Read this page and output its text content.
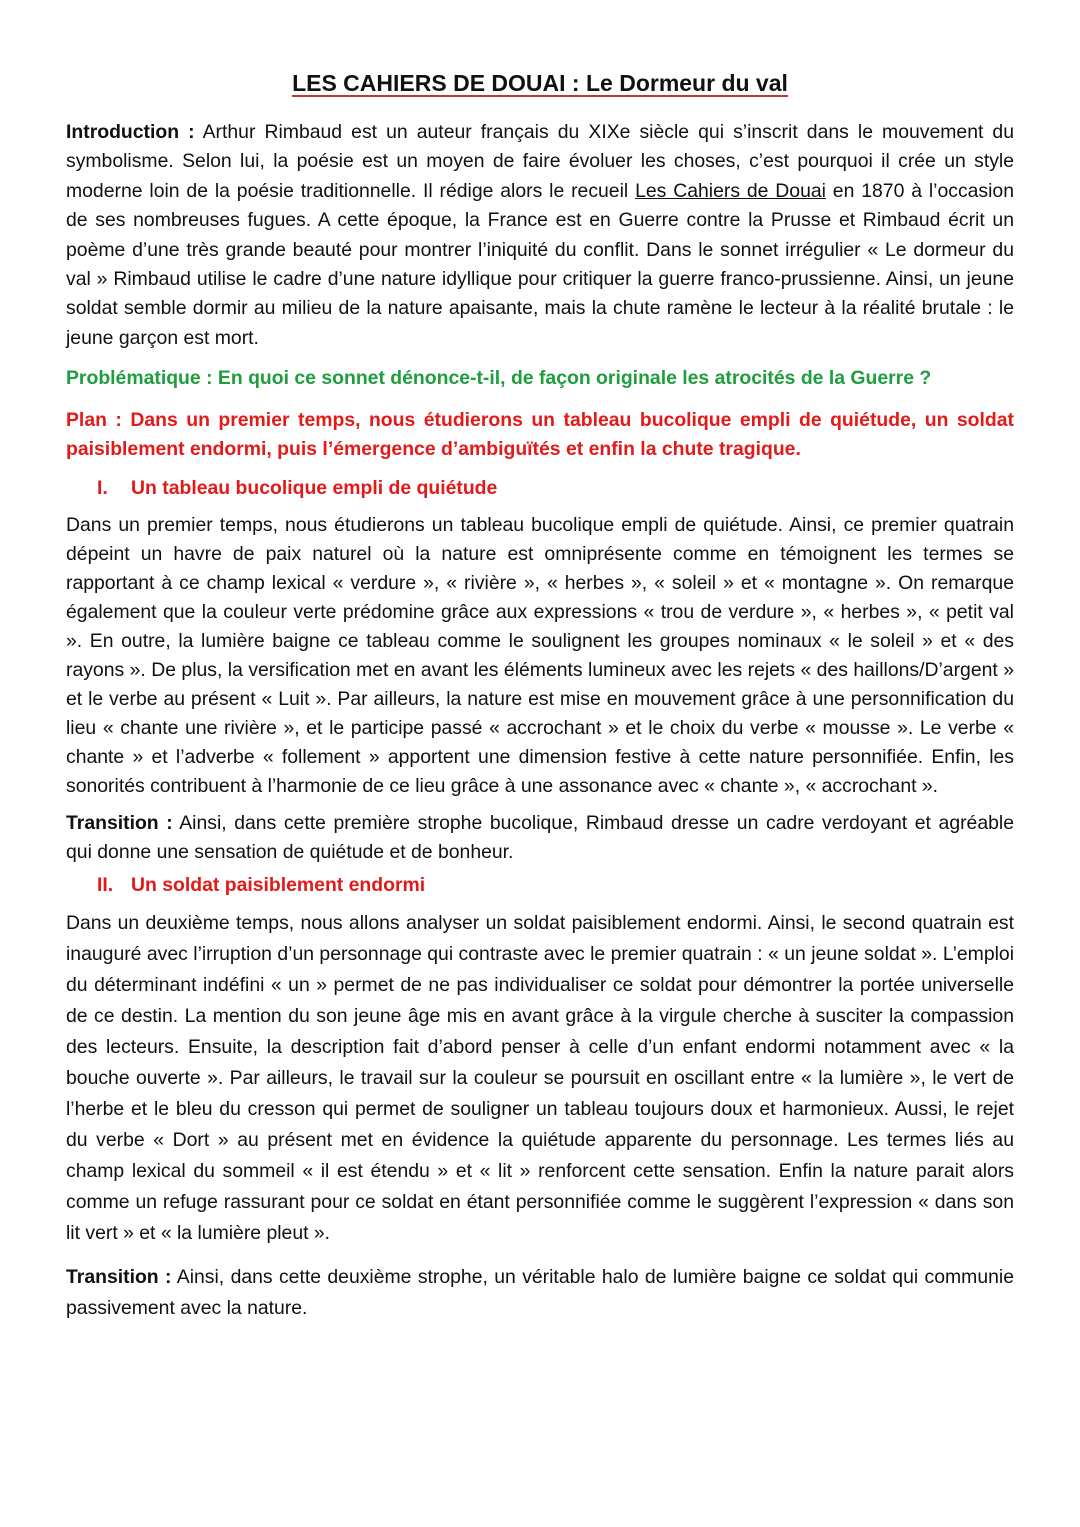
LES CAHIERS DE DOUAI : Le Dormeur du val

Introduction : Arthur Rimbaud est un auteur français du XIXe siècle qui s’inscrit dans le mouvement du symbolisme. Selon lui, la poésie est un moyen de faire évoluer les choses, c’est pourquoi il crée un style moderne loin de la poésie traditionnelle. Il rédige alors le recueil Les Cahiers de Douai en 1870 à l’occasion de ses nombreuses fugues. A cette époque, la France est en Guerre contre la Prusse et Rimbaud écrit un poème d’une très grande beauté pour montrer l’iniquité du conflit. Dans le sonnet irrégulier « Le dormeur du val » Rimbaud utilise le cadre d’une nature idyllique pour critiquer la guerre franco-prussienne. Ainsi, un jeune soldat semble dormir au milieu de la nature apaisante, mais la chute ramène le lecteur à la réalité brutale : le jeune garçon est mort.

Problématique : En quoi ce sonnet dénonce-t-il, de façon originale les atrocités de la Guerre ?

Plan : Dans un premier temps, nous étudierons un tableau bucolique empli de quiétude, un soldat paisiblement endormi, puis l’émergence d’ambiguïtés et enfin la chute tragique.

I.	Un tableau bucolique empli de quiétude

Dans un premier temps, nous étudierons un tableau bucolique empli de quiétude. Ainsi, ce premier quatrain dépeint un havre de paix naturel où la nature est omniprésente comme en témoignent les termes se rapportant à ce champ lexical « verdure », « rivière », « herbes », « soleil » et « montagne ». On remarque également que la couleur verte prédomine grâce aux expressions « trou de verdure », « herbes », « petit val ». En outre, la lumière baigne ce tableau comme le soulignent les groupes nominaux « le soleil » et « des rayons ». De plus, la versification met en avant les éléments lumineux avec les rejets « des haillons/D’argent » et le verbe au présent « Luit ». Par ailleurs, la nature est mise en mouvement grâce à une personnification du lieu « chante une rivière », et le participe passé « accrochant » et le choix du verbe « mousse ». Le verbe « chante » et l’adverbe « follement » apportent une dimension festive à cette nature personnifiée. Enfin, les sonorités contribuent à l’harmonie de ce lieu grâce à une assonance avec « chante », « accrochant ».

Transition : Ainsi, dans cette première strophe bucolique, Rimbaud dresse un cadre verdoyant et agréable qui donne une sensation de quiétude et de bonheur.

II. Un soldat paisiblement endormi

Dans un deuxième temps, nous allons analyser un soldat paisiblement endormi. Ainsi, le second quatrain est inauguré avec l’irruption d’un personnage qui contraste avec le premier quatrain : « un jeune soldat ». L’emploi du déterminant indéfini « un » permet de ne pas individualiser ce soldat pour démontrer la portée universelle de ce destin. La mention du son jeune âge mis en avant grâce à la virgule cherche à susciter la compassion des lecteurs. Ensuite, la description fait d’abord penser à celle d’un enfant endormi notamment avec « la bouche ouverte ». Par ailleurs, le travail sur la couleur se poursuit en oscillant entre « la lumière », le vert de l’herbe et le bleu du cresson qui permet de souligner un tableau toujours doux et harmonieux. Aussi, le rejet du verbe « Dort » au présent met en évidence la quiétude apparente du personnage. Les termes liés au champ lexical du sommeil « il est étendu » et « lit » renforcent cette sensation. Enfin la nature parait alors comme un refuge rassurant pour ce soldat en étant personnifiée comme le suggèrent l’expression « dans son lit vert » et « la lumière pleut ».

Transition : Ainsi, dans cette deuxième strophe, un véritable halo de lumière baigne ce soldat qui communie passivement avec la nature.
